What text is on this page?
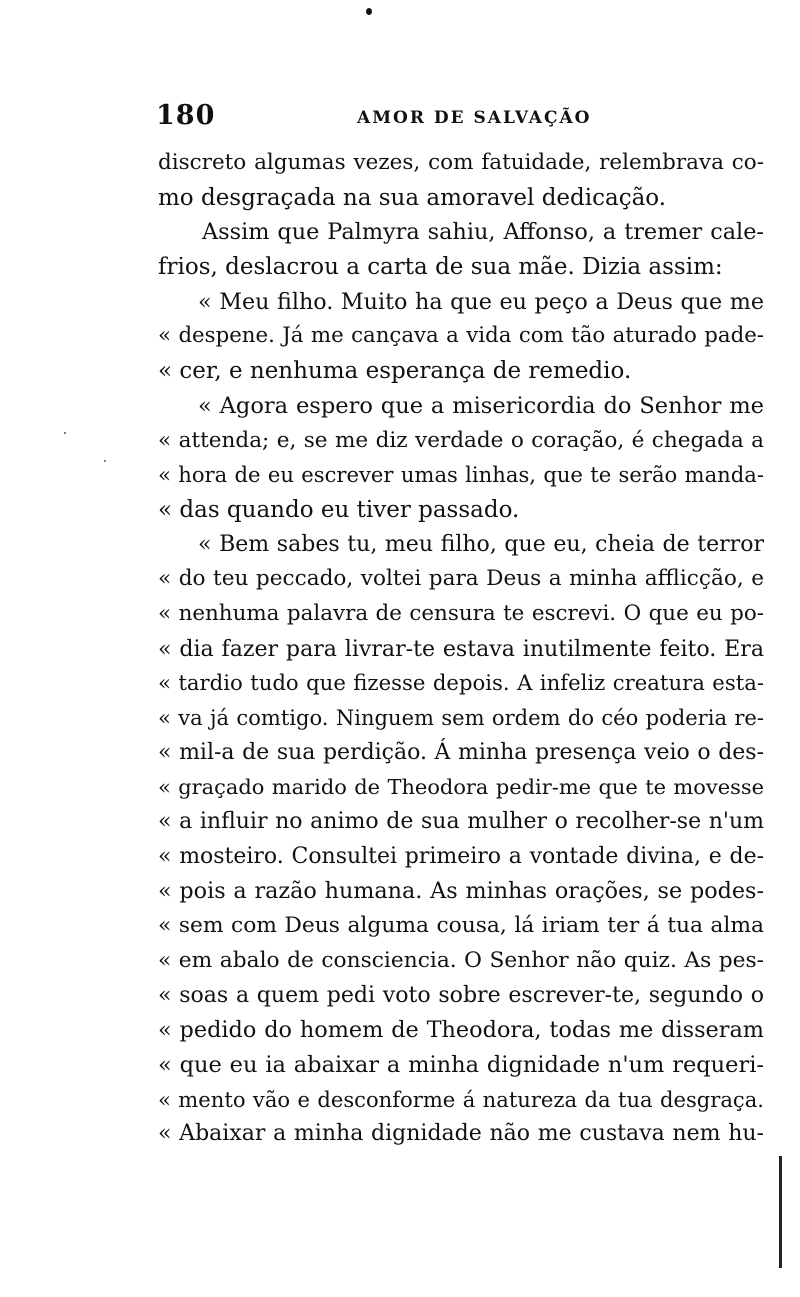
180	AMOR DE SALVAÇÃO
discreto algumas vezes, com fatuidade, relembrava co-
mo desgraçada na sua amoravel dedicação.
Assim que Palmyra sahiu, Affonso, a tremer cale-
frios, deslacrou a carta de sua mãe. Dizia assim:
« Meu filho. Muito ha que eu peço a Deus que me
« despene. Já me cançava a vida com tão aturado pade-
« cer, e nenhuma esperança de remedio.
« Agora espero que a misericordia do Senhor me
« attenda; e, se me diz verdade o coração, é chegada a
« hora de eu escrever umas linhas, que te serão manda-
« das quando eu tiver passado.
« Bem sabes tu, meu filho, que eu, cheia de terror
« do teu peccado, voltei para Deus a minha afflicção, e
« nenhuma palavra de censura te escrevi. O que eu po-
« dia fazer para livrar-te estava inutilmente feito. Era
« tardio tudo que fizesse depois. A infeliz creatura esta-
« va já comtigo. Ninguem sem ordem do céo poderia re-
« mil-a de sua perdição. Á minha presença veio o des-
« graçado marido de Theodora pedir-me que te movesse
« a influir no animo de sua mulher o recolher-se n'um
« mosteiro. Consultei primeiro a vontade divina, e de-
« pois a razão humana. As minhas orações, se podes-
« sem com Deus alguma cousa, lá iriam ter á tua alma
« em abalo de consciencia. O Senhor não quiz. As pes-
« soas a quem pedi voto sobre escrever-te, segundo o
« pedido do homem de Theodora, todas me disseram
« que eu ia abaixar a minha dignidade n'um requeri-
« mento vão e desconforme á natureza da tua desgraça.
« Abaixar a minha dignidade não me custava nem hu-
